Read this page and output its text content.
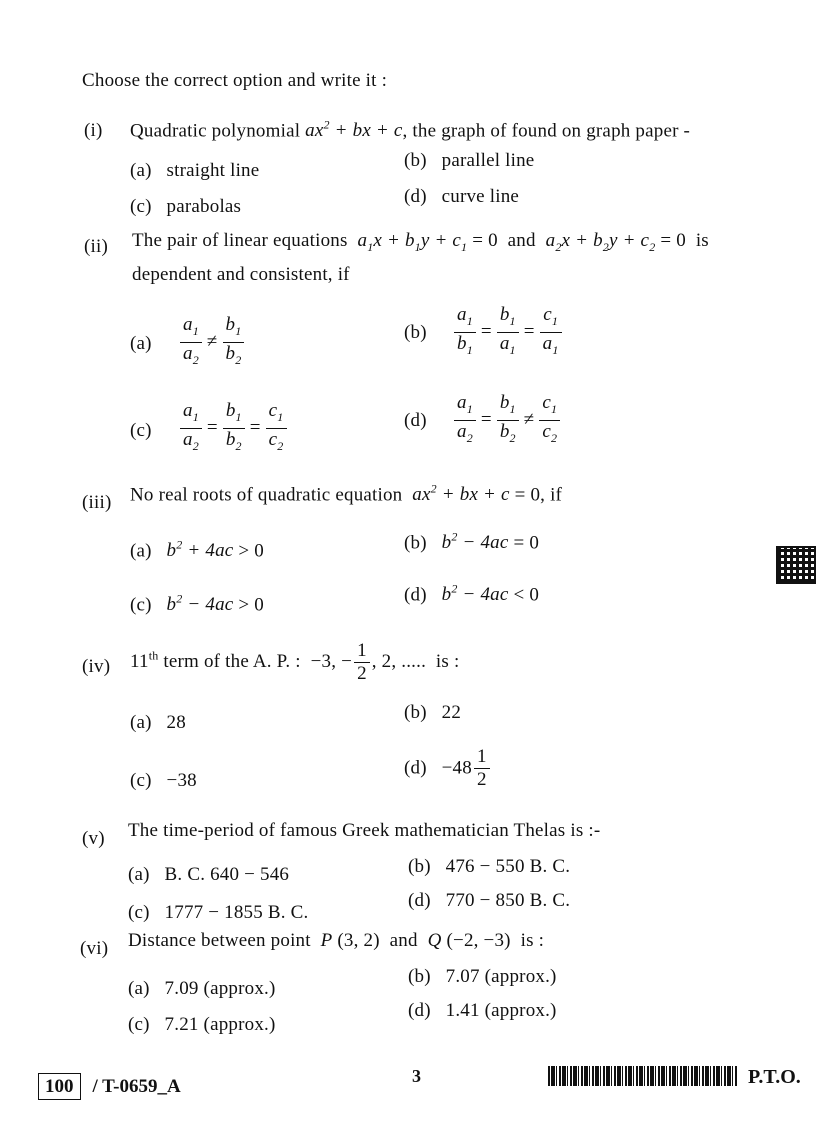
Choose the correct option and write it :
(i) Quadratic polynomial $ax^2$ + bx + c, the graph of found on graph paper -
(a) straight line	(b) parallel line
(c) parabolas	(d) curve line
(ii) The pair of linear equations $a_1x + b_1y + c_1 = 0$  and $a_2x + b_2y + c_2 = 0$  is
dependent and consistent, if
$(a) \frac{a_1}{a_2} \ne \frac{b_1}{b_2}$	$(b) \frac{a_1}{b_1} = \frac{b_1}{a_1} = \frac{c_1}{a_1}$
$(c) \frac{a_1}{a_2} = \frac{b_1}{b_2} = \frac{c_1}{c_2}$	$(d) \frac{a_1}{a_2} = \frac{b_1}{b_2} \ne \frac{c_1}{c_2}$
(iii) No real roots of quadratic equation $ax^2$ + bx + c = 0, if
(a) $b^2 + 4ac > 0$	(b) $b^2 - 4ac = 0$
(c) $b^2 - 4ac > 0$	(d) $b^2 - 4ac < 0$
(iv) 11th term of the A. P. : −3, − $\frac{1}{2}$ , 2, ..... is :
(a) 28	(b) 22
(c) −38
$(d) -48 \frac{1}{2}$
(v) The time-period of famous Greek mathematician Thelas is :-
(a) B. C. 640 − 546	(b) 476 − 550 B. C.
(c) 1777 − 1855 B. C.
(d) 770 − 850 B. C.
(vi) Distance between point P (3, 2)  and Q (−2, −3)  is :
(a) 7.09 (approx.)
(b) 7.07 (approx.)
(c) 7.21 (approx.)
(d) 1.41 (approx.)
100 / T-0659_A	3	P.T.O.
